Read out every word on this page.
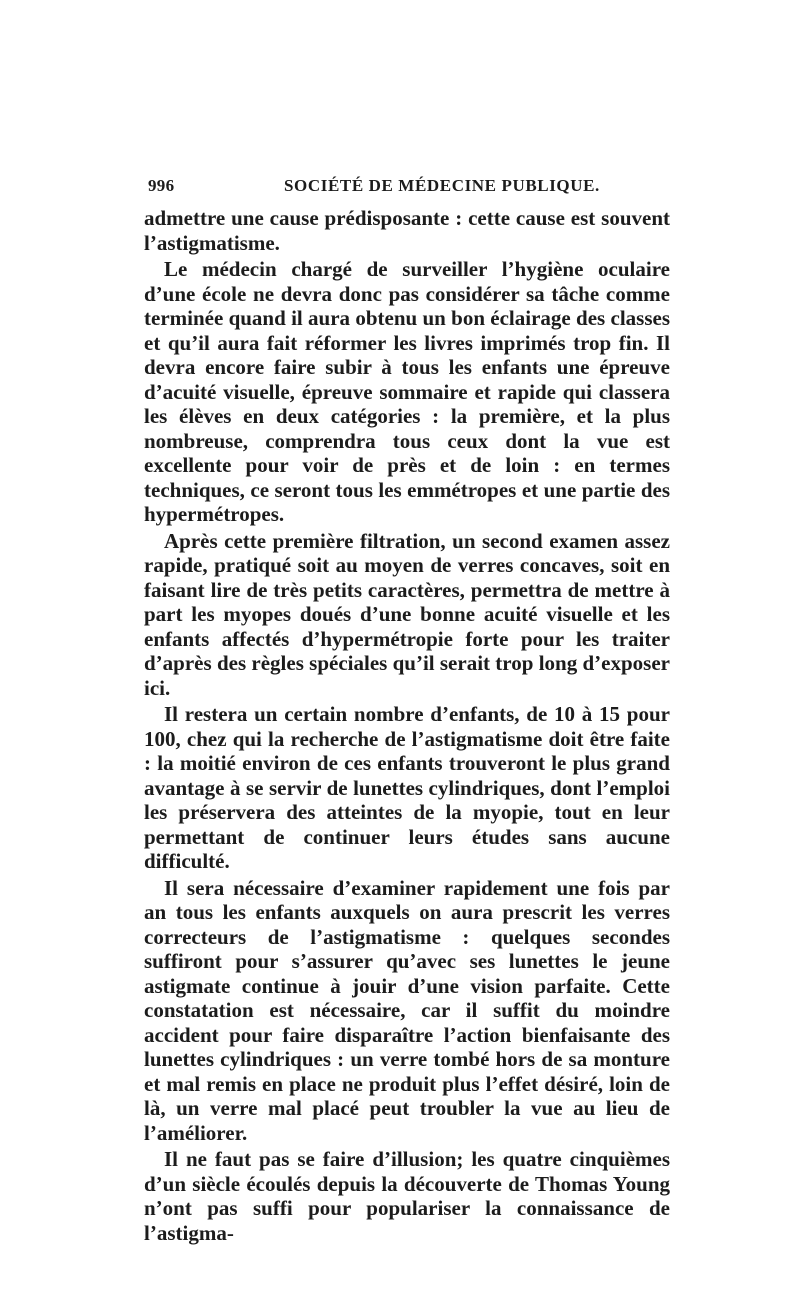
996	SOCIÉTÉ DE MÉDECINE PUBLIQUE.

admettre une cause prédisposante : cette cause est souvent l’astigmatisme.

Le médecin chargé de surveiller l’hygiène oculaire d’une école ne devra donc pas considérer sa tâche comme terminée quand il aura obtenu un bon éclairage des classes et qu’il aura fait réformer les livres imprimés trop fin. Il devra encore faire subir à tous les enfants une épreuve d’acuité visuelle, épreuve sommaire et rapide qui classera les élèves en deux catégories : la première, et la plus nombreuse, comprendra tous ceux dont la vue est excellente pour voir de près et de loin : en termes techniques, ce seront tous les emmétropes et une partie des hypermétropes.

Après cette première filtration, un second examen assez rapide, pratiqué soit au moyen de verres concaves, soit en faisant lire de très petits caractères, permettra de mettre à part les myopes doués d’une bonne acuité visuelle et les enfants affectés d’hypermétropie forte pour les traiter d’après des règles spéciales qu’il serait trop long d’exposer ici.

Il restera un certain nombre d’enfants, de 10 à 15 pour 100, chez qui la recherche de l’astigmatisme doit être faite : la moitié environ de ces enfants trouveront le plus grand avantage à se servir de lunettes cylindriques, dont l’emploi les préservera des atteintes de la myopie, tout en leur permettant de continuer leurs études sans aucune difficulté.

Il sera nécessaire d’examiner rapidement une fois par an tous les enfants auxquels on aura prescrit les verres correcteurs de l’astigmatisme : quelques secondes suffiront pour s’assurer qu’avec ses lunettes le jeune astigmate continue à jouir d’une vision parfaite. Cette constatation est nécessaire, car il suffit du moindre accident pour faire disparaître l’action bienfaisante des lunettes cylindriques : un verre tombé hors de sa monture et mal remis en place ne produit plus l’effet désiré, loin de là, un verre mal placé peut troubler la vue au lieu de l’améliorer.

Il ne faut pas se faire d’illusion; les quatre cinquièmes d’un siècle écoulés depuis la découverte de Thomas Young n’ont pas suffi pour populariser la connaissance de l’astigma-
